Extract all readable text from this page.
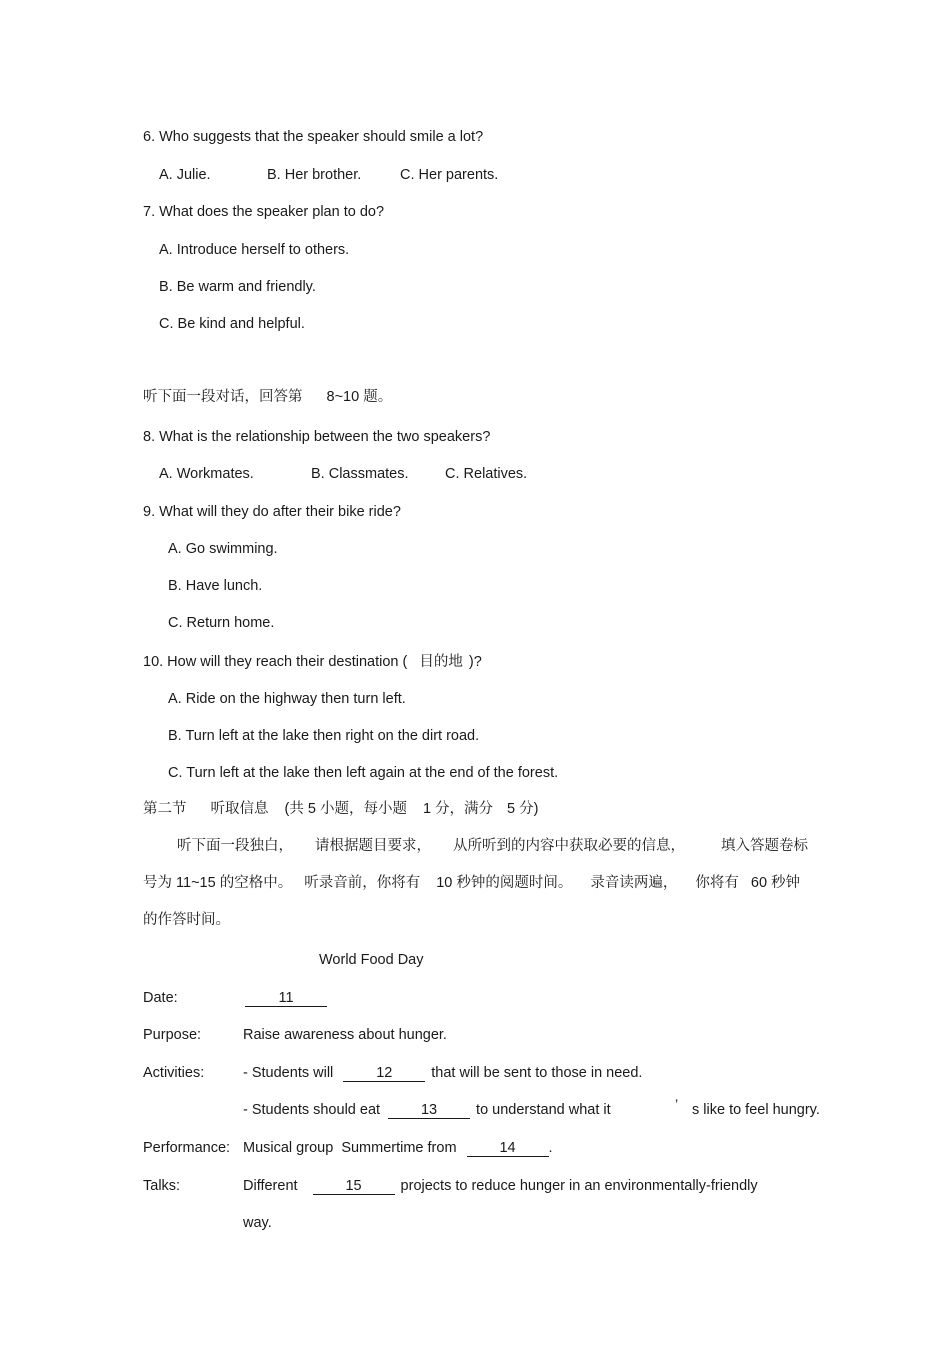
6. Who suggests that the speaker should smile a lot?
A. Julie.	B. Her brother.	C. Her parents.
7. What does the speaker plan to do?
A. Introduce herself to others.
B. Be warm and friendly.
C. Be kind and helpful.
听下面一段对话，回答第 8~10 题。
8. What is the relationship between the two speakers?
A. Workmates.	B. Classmates.	C. Relatives.
9. What will they do after their bike ride?
A. Go swimming.
B. Have lunch.
C. Return home.
10. How will they reach their destination ( 目的地 )?
A. Ride on the highway then turn left.
B. Turn left at the lake then right on the dirt road.
C. Turn left at the lake then left again at the end of the forest.
第二节 听取信息 (共 5 小题，每小题 1 分，满分 5 分)
听下面一段独白， 请根据题目要求， 从所听到的内容中获取必要的信息， 填入答题卷标
号为 11~15 的空格中。 听录音前，你将有 10 秒钟的阅题时间。 录音读两遍， 你将有 60 秒钟
的作答时间。
World Food Day
Date:	11
Purpose:	Raise awareness about hunger.
Activities:	- Students will	12	that will be sent to those in need.
- Students should eat	13	to understand what it	’ s like to feel hungry.
Performance: Musical group  Summertime from	14 .
Talks:	Different	15	projects to reduce hunger in an environmentally-friendly
way.
